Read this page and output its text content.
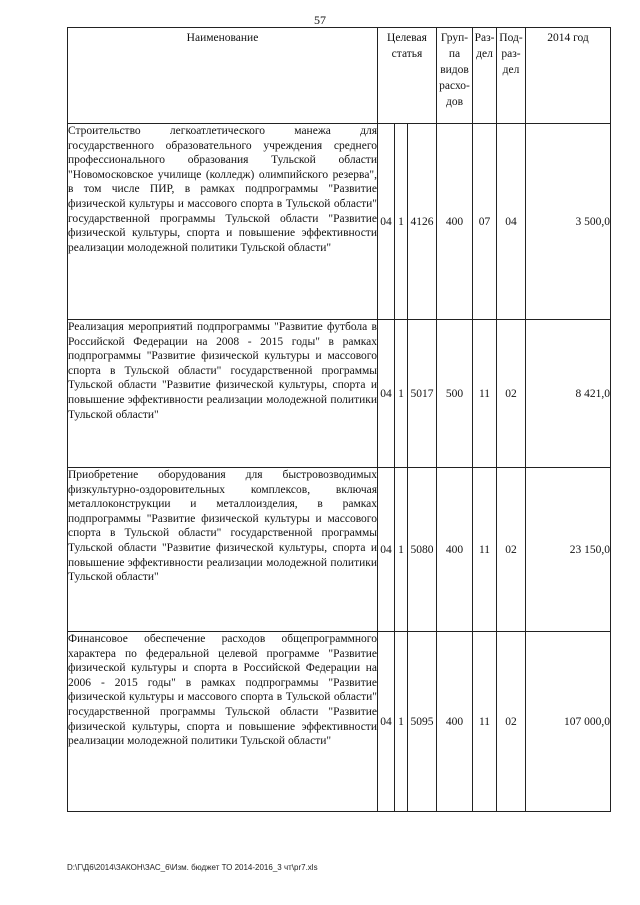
57
Наименование	Целевая статья			Груп-па видов расхо-дов	Раз-дел	Под-раз-дел	2014 год
Строительство легкоатлетического манежа для государственного образовательного учреждения среднего профессионального образования Тульской области "Новомосковское училище (колледж) олимпийского резерва", в том числе ПИР, в рамках подпрограммы "Развитие физической культуры и массового спорта в Тульской области" государственной программы Тульской области "Развитие физической культуры, спорта и повышение эффективности реализации молодежной политики Тульской области"	04	1	4126	400	07	04	3 500,0
Реализация мероприятий подпрограммы "Развитие футбола в Российской Федерации на 2008 - 2015 годы" в рамках подпрограммы "Развитие физической культуры и массового спорта в Тульской области" государственной программы Тульской области "Развитие физической культуры, спорта и повышение эффективности реализации молодежной политики Тульской области"	04	1	5017	500	11	02	8 421,0
Приобретение оборудования для быстровозводимых физкультурно-оздоровительных комплексов, включая металлоконструкции и металлоизделия, в рамках подпрограммы "Развитие физической культуры и массового спорта в Тульской области" государственной программы Тульской области "Развитие физической культуры, спорта и повышение эффективности реализации молодежной политики Тульской области"	04	1	5080	400	11	02	23 150,0
Финансовое обеспечение расходов общепрограммного характера по федеральной целевой программе "Развитие физической культуры и спорта в Российской Федерации на 2006 - 2015 годы" в рамках подпрограммы "Развитие физической культуры и массового спорта в Тульской области" государственной программы Тульской области "Развитие физической культуры, спорта и повышение эффективности реализации молодежной политики Тульской области"	04	1	5095	400	11	02	107 000,0
D:\Г\Д6\2014\ЗАКОН\ЗАС_6\Изм. бюджет ТО 2014-2016_3 чт\pr7.xls
